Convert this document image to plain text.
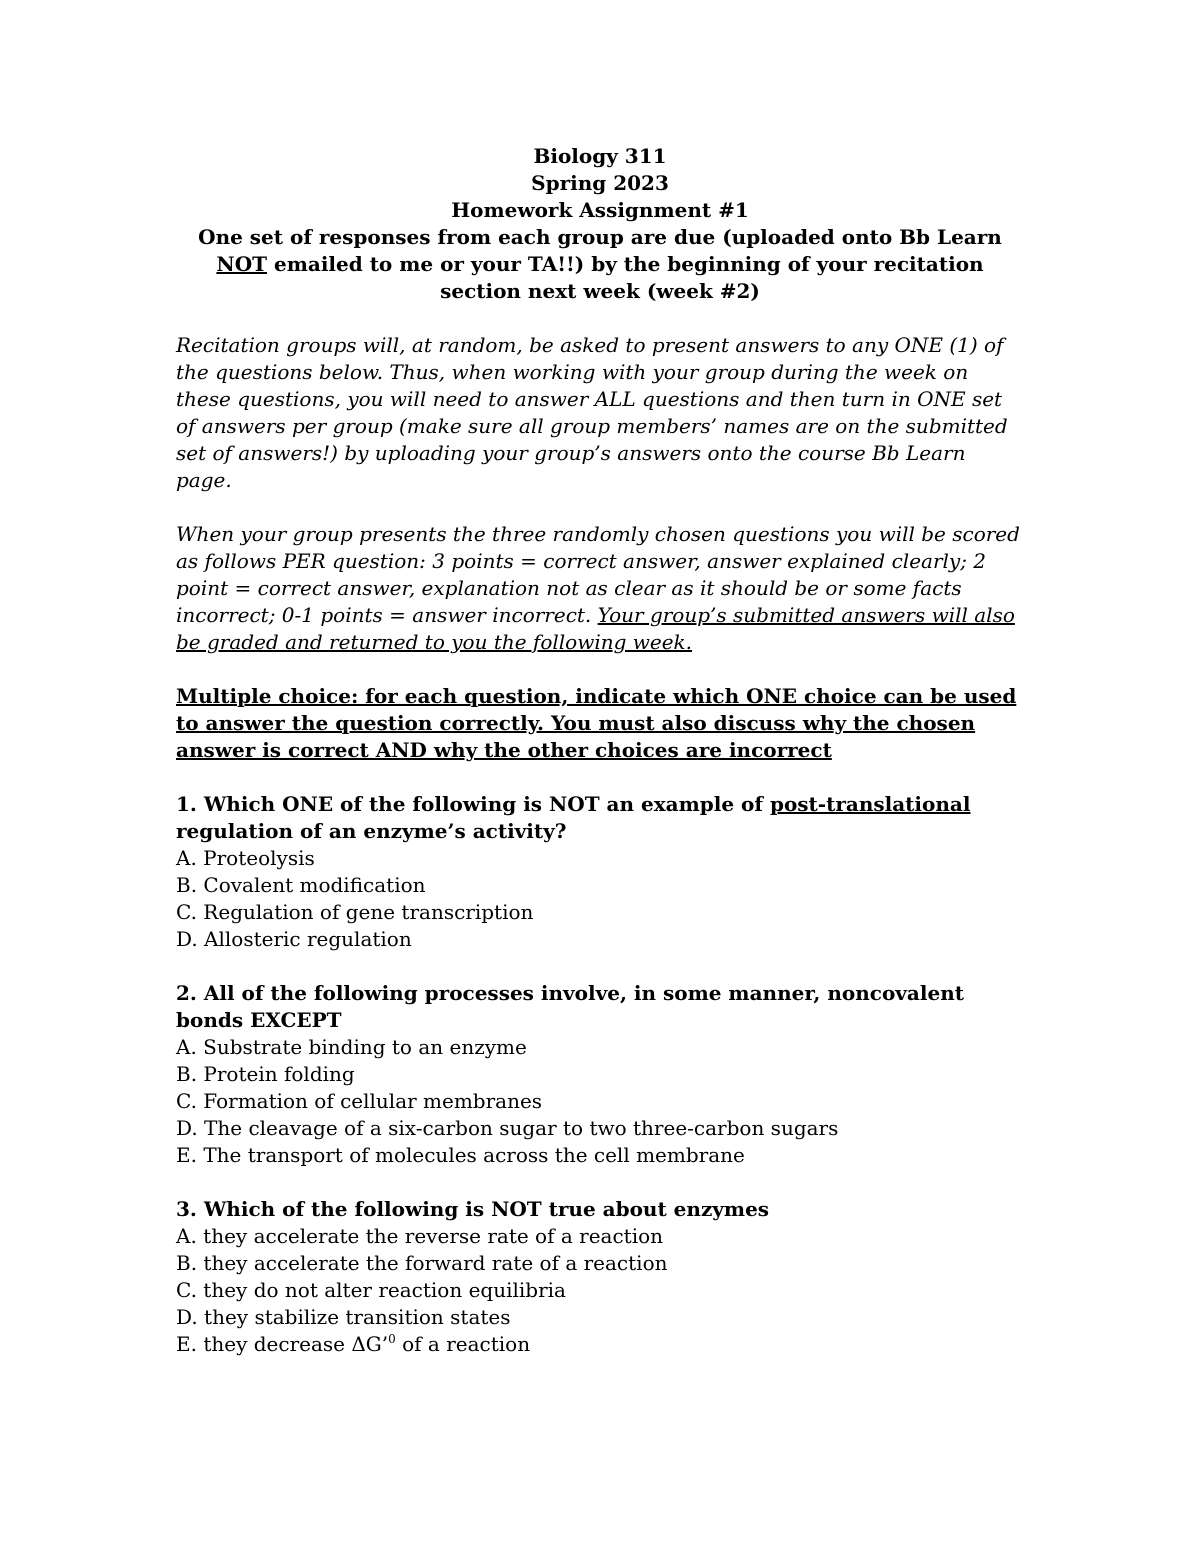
Biology 311
Spring 2023
Homework Assignment #1

One set of responses from each group are due (uploaded onto Bb Learn NOT emailed to me or your TA!!) by the beginning of your recitation section next week (week #2)

Recitation groups will, at random, be asked to present answers to any ONE (1) of the questions below. Thus, when working with your group during the week on these questions, you will need to answer ALL questions and then turn in ONE set of answers per group (make sure all group members’ names are on the submitted set of answers!) by uploading your group’s answers onto the course Bb Learn page.

When your group presents the three randomly chosen questions you will be scored as follows PER question: 3 points = correct answer, answer explained clearly; 2 point = correct answer, explanation not as clear as it should be or some facts incorrect; 0-1 points = answer incorrect. Your group’s submitted answers will also be graded and returned to you the following week.

Multiple choice: for each question, indicate which ONE choice can be used to answer the question correctly. You must also discuss why the chosen answer is correct AND why the other choices are incorrect

1. Which ONE of the following is NOT an example of post-translational regulation of an enzyme’s activity?

A. Proteolysis
B. Covalent modification
C. Regulation of gene transcription
D. Allosteric regulation

2. All of the following processes involve, in some manner, noncovalent bonds EXCEPT

A. Substrate binding to an enzyme
B. Protein folding
C. Formation of cellular membranes
D. The cleavage of a six-carbon sugar to two three-carbon sugars
E. The transport of molecules across the cell membrane

3. Which of the following is NOT true about enzymes

A. they accelerate the reverse rate of a reaction
B. they accelerate the forward rate of a reaction
C. they do not alter reaction equilibria
D. they stabilize transition states
E. they decrease ΔG’$^0$ of a reaction
